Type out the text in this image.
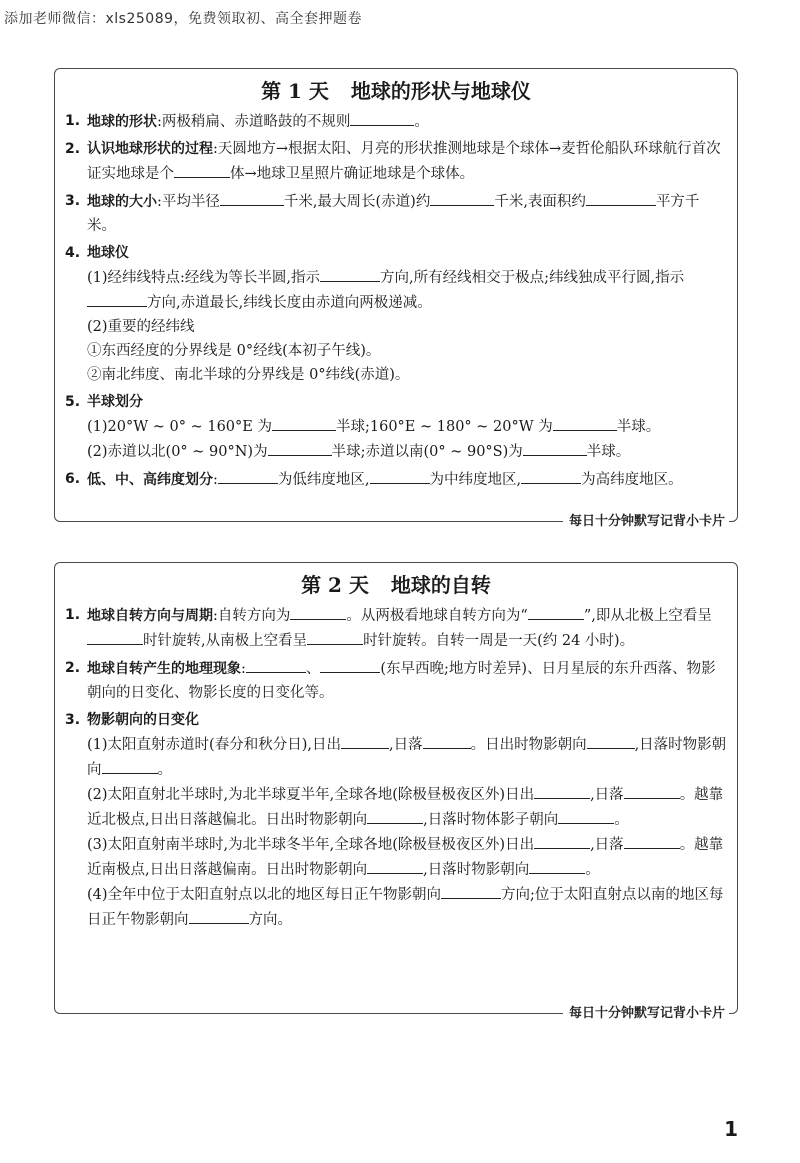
添加老师微信：xls25089，免费领取初、高全套押题卷
第 1 天 地球的形状与地球仪
1. 地球的形状:两极稍扁、赤道略鼓的不规则	。
2. 认识地球形状的过程:天圆地方→根据太阳、月亮的形状推测地球是个球体→麦哲伦船队环球航行首次证实地球是个	体→地球卫星照片确证地球是个球体。
3. 地球的大小:平均半径	千米,最大周长(赤道)约	千米,表面积约	平方千米。
4. 地球仪
(1)经纬线特点:经线为等长半圆,指示	方向,所有经线相交于极点;纬线独成平行圆,指示方向,赤道最长,纬线长度由赤道向两极递减。
(2)重要的经纬线
①东西经度的分界线是 0°经线(本初子午线)。
②南北纬度、南北半球的分界线是 0°纬线(赤道)。
5. 半球划分
(1)20°W ~ 0° ~ 160°E 为	半球;160°E ~ 180° ~ 20°W 为	半球。
(2)赤道以北(0° ~ 90°N)为	半球;赤道以南(0° ~ 90°S)为	半球。
6. 低、中、高纬度划分:	为低纬度地区,	为中纬度地区,	为高纬度地区。
每日十分钟默写记背小卡片
第 2 天 地球的自转
1. 地球自转方向与周期:自转方向为	。从两极看地球自转方向为“	”,即从北极上空看呈时针旋转,从南极上空看呈	时针旋转。自转一周是一天(约 24 小时)。
2. 地球自转产生的地理现象:	、	(东早西晚;地方时差异)、日月星辰的东升西落、物影朝向的日变化、物影长度的日变化等。
3. 物影朝向的日变化
(1)太阳直射赤道时(春分和秋分日),日出	,日落	。日出时物影朝向	,日落时物影朝向	。
(2)太阳直射北半球时,为北半球夏半年,全球各地(除极昼极夜区外)日出	,日落	。越靠近北极点,日出日落越偏北。日出时物影朝向	,日落时物体影子朝向	。
(3)太阳直射南半球时,为北半球冬半年,全球各地(除极昼极夜区外)日出	,日落	。越靠近南极点,日出日落越偏南。日出时物影朝向	,日落时物影朝向	。
(4)全年中位于太阳直射点以北的地区每日正午物影朝向	方向;位于太阳直射点以南的地区每日正午物影朝向	方向。
每日十分钟默写记背小卡片
1
